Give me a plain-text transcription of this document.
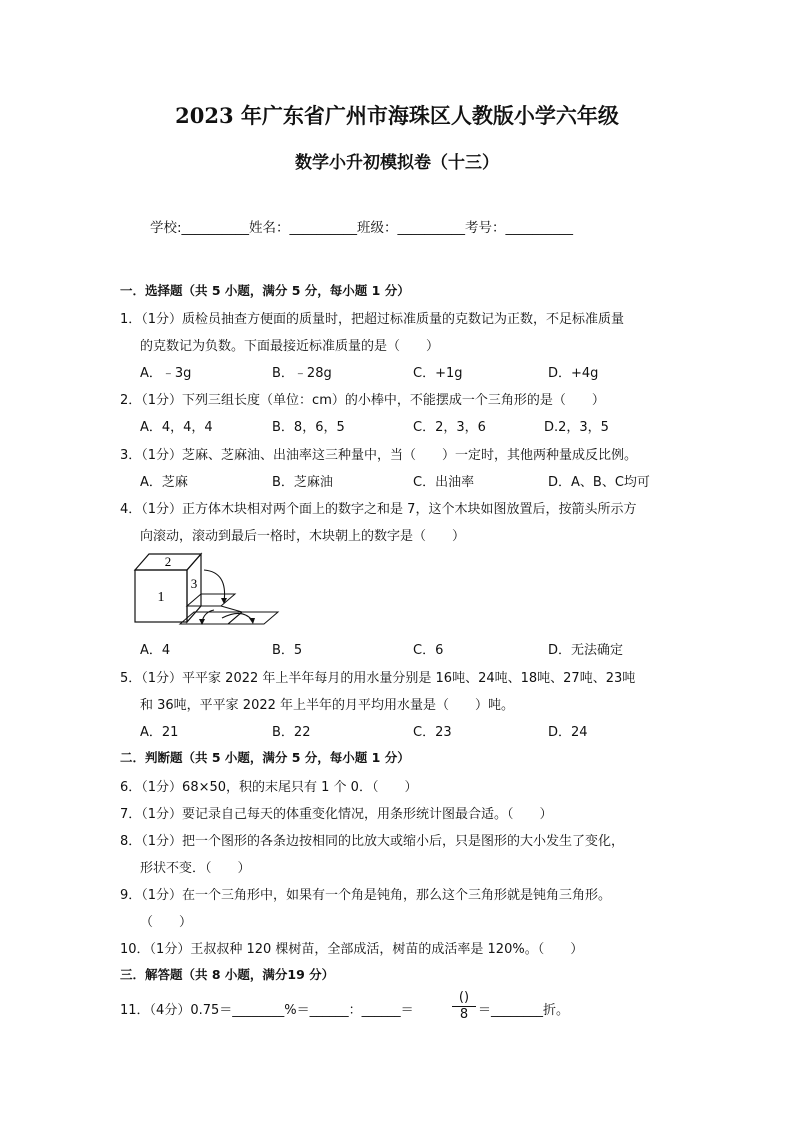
2023 年广东省广州市海珠区人教版小学六年级
数学小升初模拟卷（十三）
学校:__________姓名：__________班级：__________考号：__________
一．选择题（共 5 小题，满分 5 分，每小题 1 分）
1．（1分）质检员抽查方便面的质量时，把超过标准质量的克数记为正数，不足标准质量
的克数记为负数。下面最接近标准质量的是（　　）
A．﹣3g	B．﹣28g	C．+1g	D．+4g
2．（1分）下列三组长度（单位：cm）的小棒中，不能摆成一个三角形的是（　　）
A．4，4，4	B．8，6，5	C．2，3，6	D.2，3，5
3．（1分）芝麻、芝麻油、出油率这三种量中，当（　　）一定时，其他两种量成反比例。
A．芝麻	B．芝麻油	C．出油率	D．A、B、C均可
4．（1分）正方体木块相对两个面上的数字之和是 7，这个木块如图放置后，按箭头所示方
向滚动，滚动到最后一格时，木块朝上的数字是（　　）
2
3
1
A．4	B．5	C．6	D．无法确定
5．（1分）平平家 2022 年上半年每月的用水量分别是 16吨、24吨、18吨、27吨、23吨
和 36吨，平平家 2022 年上半年的月平均用水量是（　　）吨。
A．21	B．22	C．23	D．24
二．判断题（共 5 小题，满分 5 分，每小题 1 分）
6．（1分）68×50，积的末尾只有 1 个 0．（　　）
7．（1分）要记录自己每天的体重变化情况，用条形统计图最合适。（　　）
8．（1分）把一个图形的各条边按相同的比放大或缩小后，只是图形的大小发生了变化，
形状不变．（　　）
9．（1分）在一个三角形中，如果有一个角是钝角，那么这个三角形就是钝角三角形。
（　　）
10．（1分）王叔叔种 120 棵树苗，全部成活，树苗的成活率是 120%。（　　）
三．解答题（共 8 小题，满分19 分）
11．（4分）0.75＝________%＝______：______＝
()
8 ＝________折。
